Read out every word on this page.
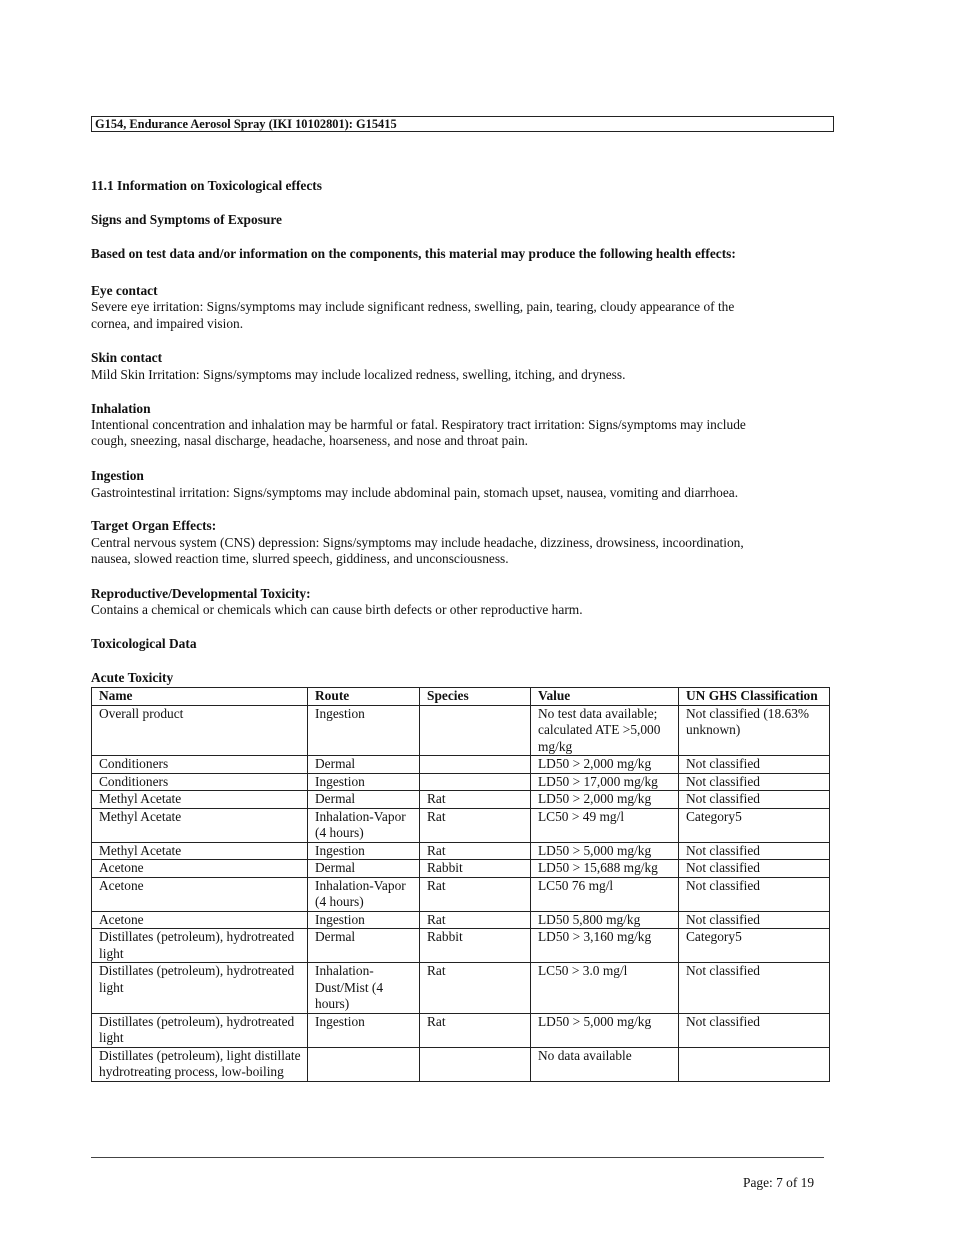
G154, Endurance Aerosol Spray (IKI 10102801): G15415
11.1 Information on Toxicological effects
Signs and Symptoms of Exposure
Based on test data and/or information on the components, this material may produce the following health effects:
Eye contact
Severe eye irritation: Signs/symptoms may include significant redness, swelling, pain, tearing, cloudy appearance of the
cornea, and impaired vision.
Skin contact
Mild Skin Irritation: Signs/symptoms may include localized redness, swelling, itching, and dryness.
Inhalation
Intentional concentration and inhalation may be harmful or fatal. Respiratory tract irritation: Signs/symptoms may include
cough, sneezing, nasal discharge, headache, hoarseness, and nose and throat pain.
Ingestion
Gastrointestinal irritation: Signs/symptoms may include abdominal pain, stomach upset, nausea, vomiting and diarrhoea.
Target Organ Effects:
Central nervous system (CNS) depression: Signs/symptoms may include headache, dizziness, drowsiness, incoordination,
nausea, slowed reaction time, slurred speech, giddiness, and unconsciousness.
Reproductive/Developmental Toxicity:
Contains a chemical or chemicals which can cause birth defects or other reproductive harm.
Toxicological Data
Acute Toxicity
Name	Route	Species	Value	UN GHS Classification
Overall product	Ingestion		No test data available; calculated ATE >5,000 mg/kg	Not classified (18.63% unknown)
Conditioners	Dermal		LD50 > 2,000 mg/kg	Not classified
Conditioners	Ingestion		LD50 > 17,000 mg/kg	Not classified
Methyl Acetate	Dermal	Rat	LD50 > 2,000 mg/kg	Not classified
Methyl Acetate	Inhalation-Vapor (4 hours)	Rat	LC50 > 49 mg/l	Category5
Methyl Acetate	Ingestion	Rat	LD50 > 5,000 mg/kg	Not classified
Acetone	Dermal	Rabbit	LD50 > 15,688 mg/kg	Not classified
Acetone	Inhalation-Vapor (4 hours)	Rat	LC50 76 mg/l	Not classified
Acetone	Ingestion	Rat	LD50 5,800 mg/kg	Not classified
Distillates (petroleum), hydrotreated light	Dermal	Rabbit	LD50 > 3,160 mg/kg	Category5
Distillates (petroleum), hydrotreated light	Inhalation-Dust/Mist (4 hours)	Rat	LC50 > 3.0 mg/l	Not classified
Distillates (petroleum), hydrotreated light	Ingestion	Rat	LD50 > 5,000 mg/kg	Not classified
Distillates (petroleum), light distillate hydrotreating process, low-boiling			No data available	
Page: 7 of 19
